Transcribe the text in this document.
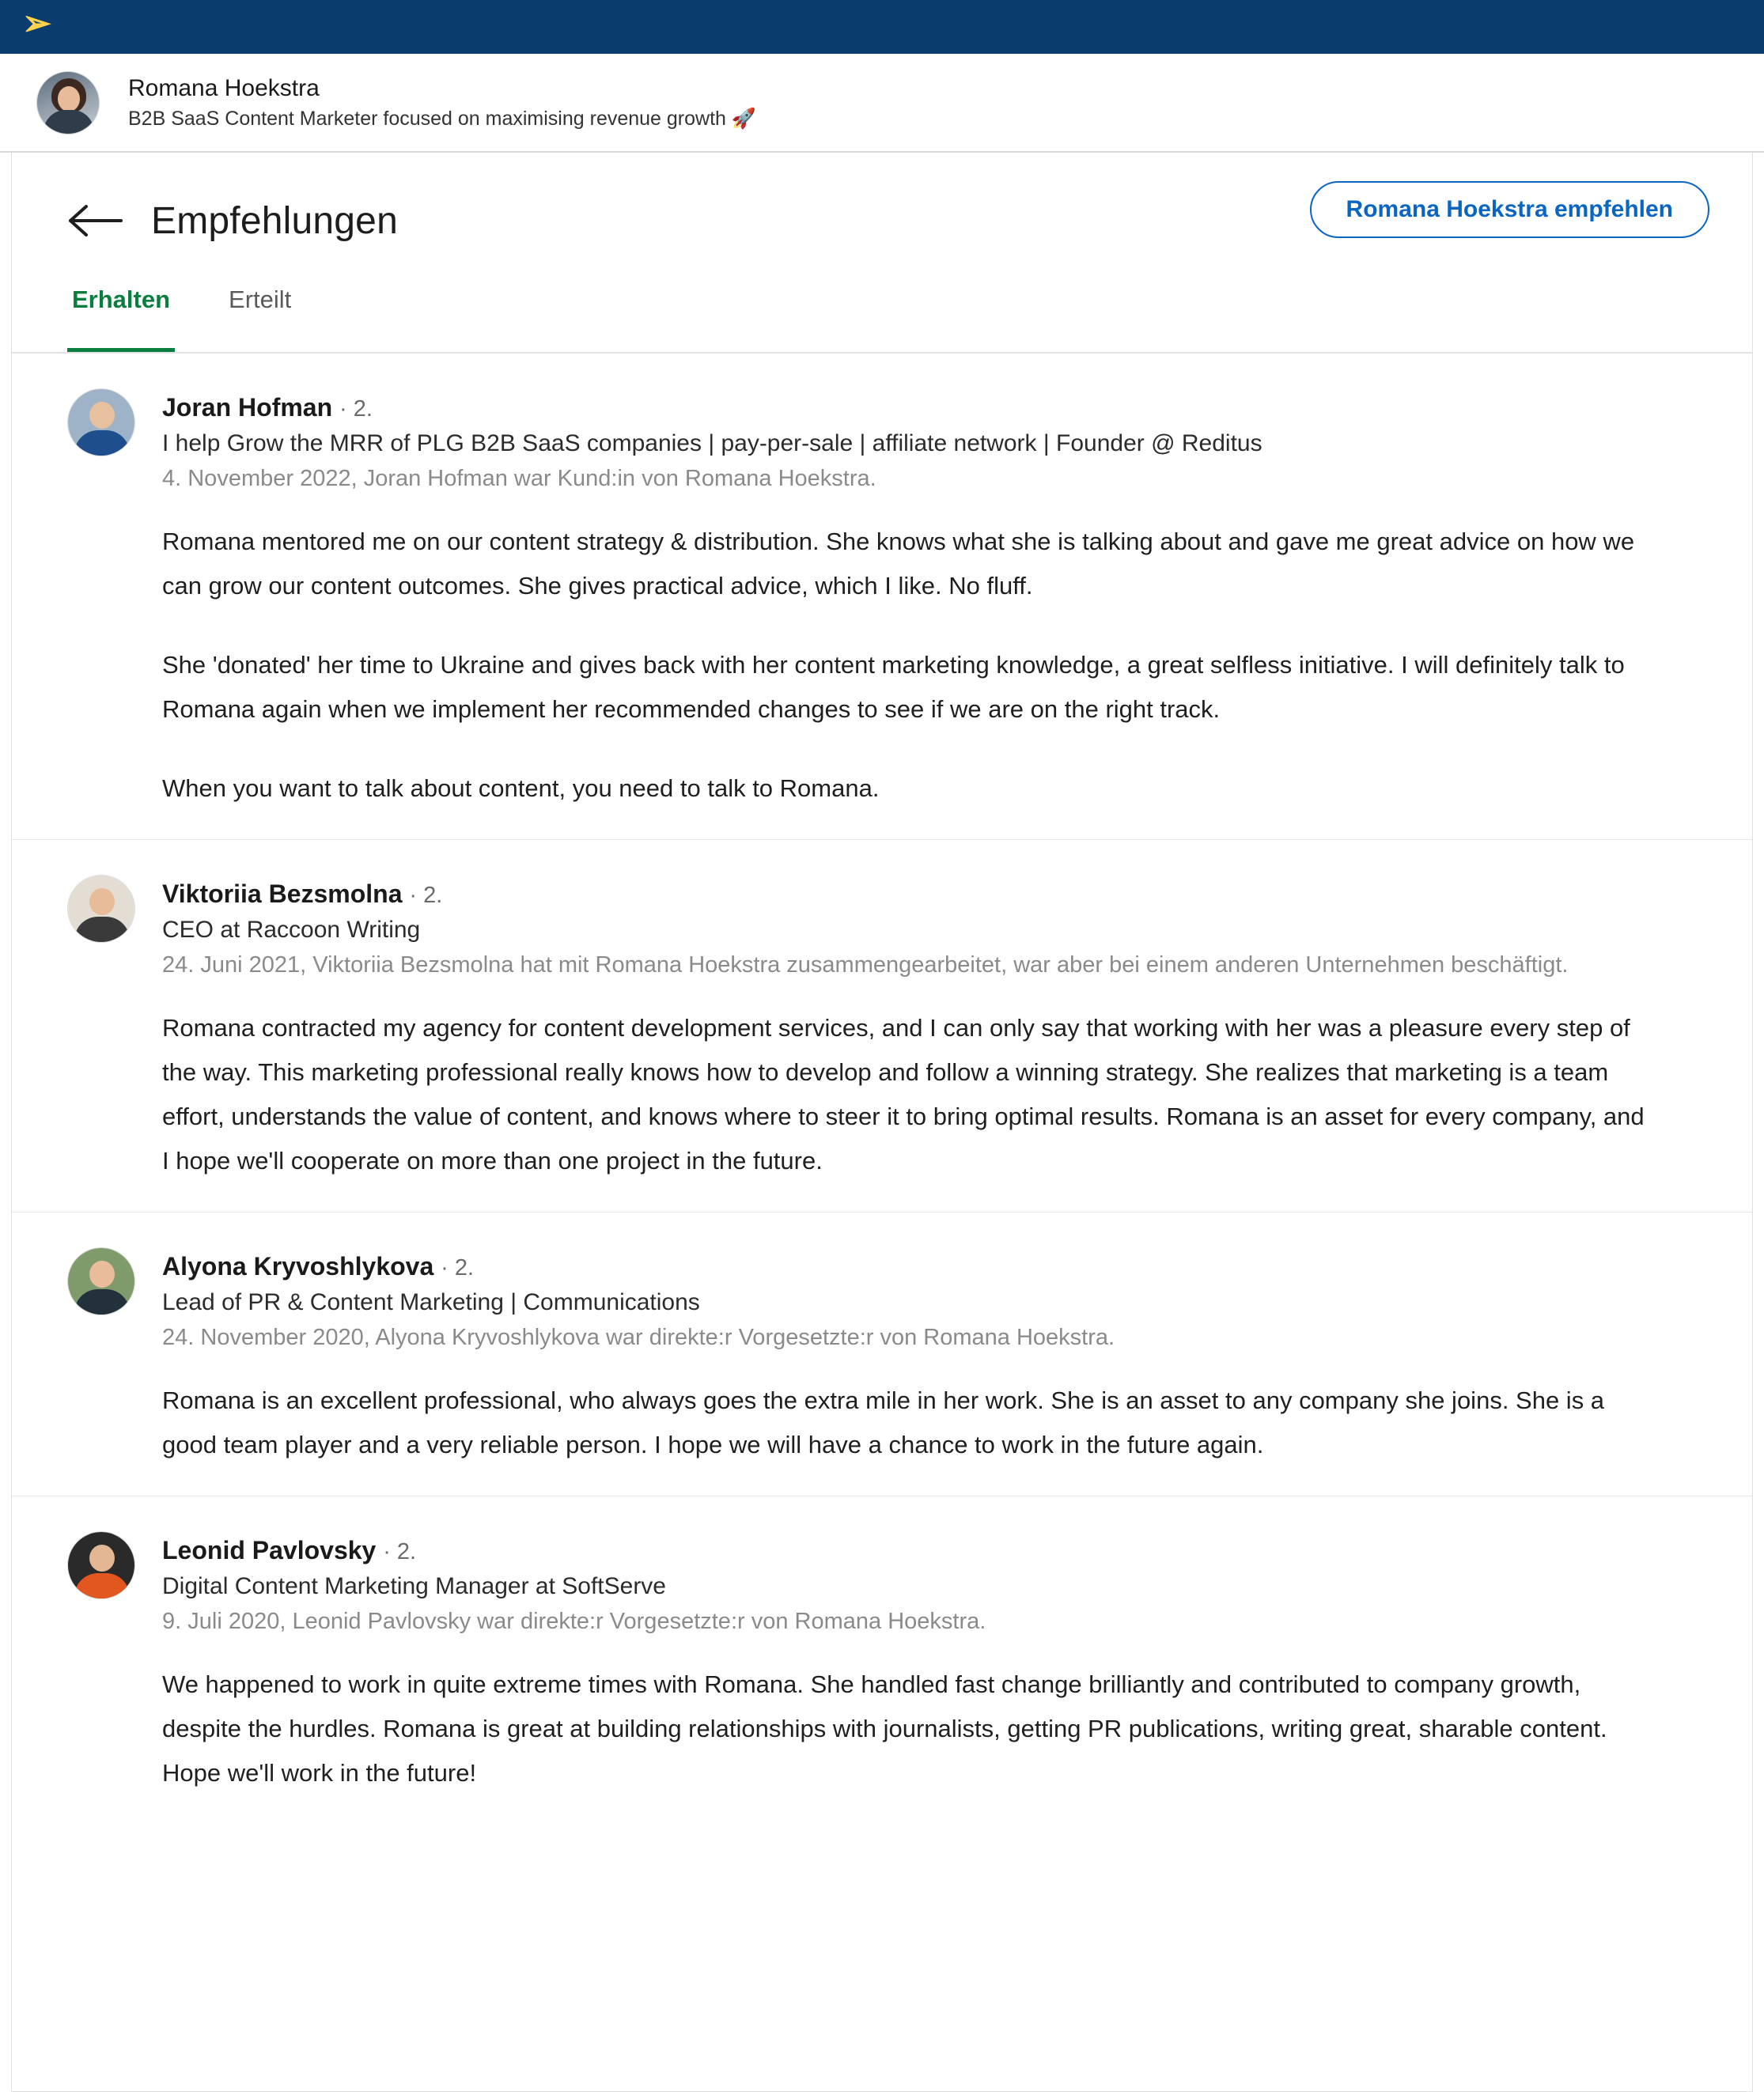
➢
Romana Hoekstra
B2B SaaS Content Marketer focused on maximising revenue growth 🚀
Empfehlungen	Romana Hoekstra empfehlen
Erhalten Erteilt
Joran Hofman · 2.
I help Grow the MRR of PLG B2B SaaS companies | pay-per-sale | affiliate network | Founder @ Reditus
4. November 2022, Joran Hofman war Kund:in von Romana Hoekstra.

Romana mentored me on our content strategy & distribution. She knows what she is talking about and gave me great advice on how we can grow our content outcomes. She gives practical advice, which I like. No fluff.

She 'donated' her time to Ukraine and gives back with her content marketing knowledge, a great selfless initiative. I will definitely talk to Romana again when we implement her recommended changes to see if we are on the right track.

When you want to talk about content, you need to talk to Romana.

Viktoriia Bezsmolna · 2.
CEO at Raccoon Writing
24. Juni 2021, Viktoriia Bezsmolna hat mit Romana Hoekstra zusammengearbeitet, war aber bei einem anderen Unternehmen beschäftigt.

Romana contracted my agency for content development services, and I can only say that working with her was a pleasure every step of the way. This marketing professional really knows how to develop and follow a winning strategy. She realizes that marketing is a team effort, understands the value of content, and knows where to steer it to bring optimal results. Romana is an asset for every company, and I hope we'll cooperate on more than one project in the future.

Alyona Kryvoshlykova · 2.
Lead of PR & Content Marketing | Communications
24. November 2020, Alyona Kryvoshlykova war direkte:r Vorgesetzte:r von Romana Hoekstra.

Romana is an excellent professional, who always goes the extra mile in her work. She is an asset to any company she joins. She is a good team player and a very reliable person. I hope we will have a chance to work in the future again.

Leonid Pavlovsky · 2.
Digital Content Marketing Manager at SoftServe
9. Juli 2020, Leonid Pavlovsky war direkte:r Vorgesetzte:r von Romana Hoekstra.

We happened to work in quite extreme times with Romana. She handled fast change brilliantly and contributed to company growth, despite the hurdles. Romana is great at building relationships with journalists, getting PR publications, writing great, sharable content. Hope we'll work in the future!
